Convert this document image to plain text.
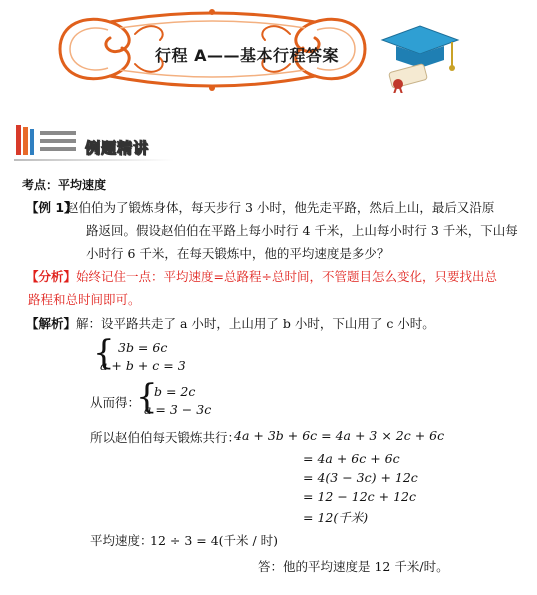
行程 A——基本行程答案
例题精讲
考点：平均速度
【例 1】
赵伯伯为了锻炼身体，每天步行 3 小时，他先走平路，然后上山，最后又沿原
路返回。假设赵伯伯在平路上每小时行 4 千米，上山每小时行 3 千米，下山每
小时行 6 千米，在每天锻炼中，他的平均速度是多少？
【分析】始终记住一点：平均速度=总路程÷总时间，不管题目怎么变化，只要找出总
路程和总时间即可。
【解析】解：设平路共走了 a 小时，上山用了 b 小时，下山用了 c 小时。
{ 3b = 6c
a + b + c = 3
从而得：
{
b = 2c
a = 3 − 3c
所以赵伯伯每天锻炼共行：
4a + 3b + 6c = 4a + 3 × 2c + 6c
= 4a + 6c + 6c
= 4(3 − 3c) + 12c
= 12 − 12c + 12c
= 12(千米)
平均速度：
12 ÷ 3 = 4(千米 / 时)
答：他的平均速度是 12 千米/时。
